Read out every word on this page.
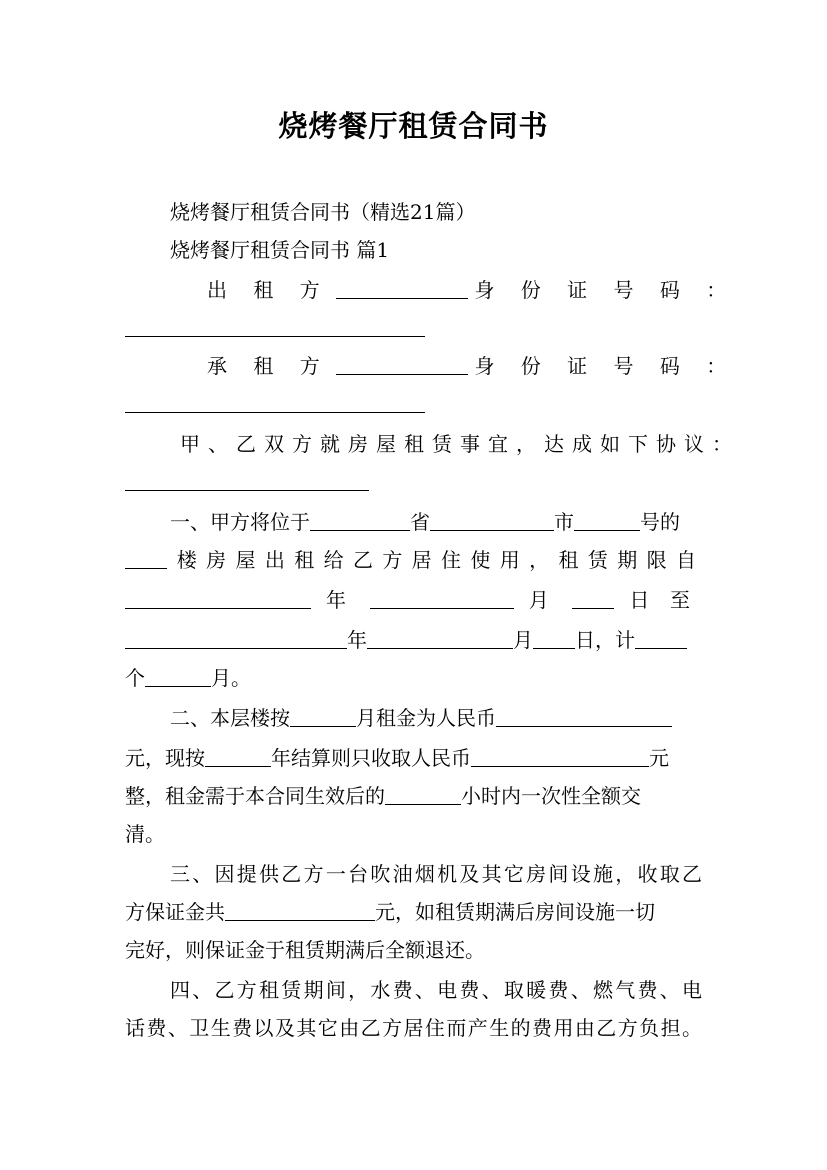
烧烤餐厅租赁合同书
烧烤餐厅租赁合同书（精选21篇）
烧烤餐厅租赁合同书 篇1
出 租 方	身 份 证 号 码 ：
承 租 方	身 份 证 号 码 ：
甲、乙双方就房屋租赁事宜，达成如下协议：
一、甲方将位于	省	市	号的
楼房屋出租给乙方居住使用，租赁期限自
年	月	日至
年	月 日，计
个	月。
二、本层楼按	月租金为人民币
元，现按	年结算则只收取人民币	元
整，租金需于本合同生效后的	小时内一次性全额交
清。
三、因提供乙方一台吹油烟机及其它房间设施，收取乙
方保证金共	元，如租赁期满后房间设施一切
完好，则保证金于租赁期满后全额退还。
四、乙方租赁期间，水费、电费、取暖费、燃气费、电
话费、卫生费以及其它由乙方居住而产生的费用由乙方负担。
